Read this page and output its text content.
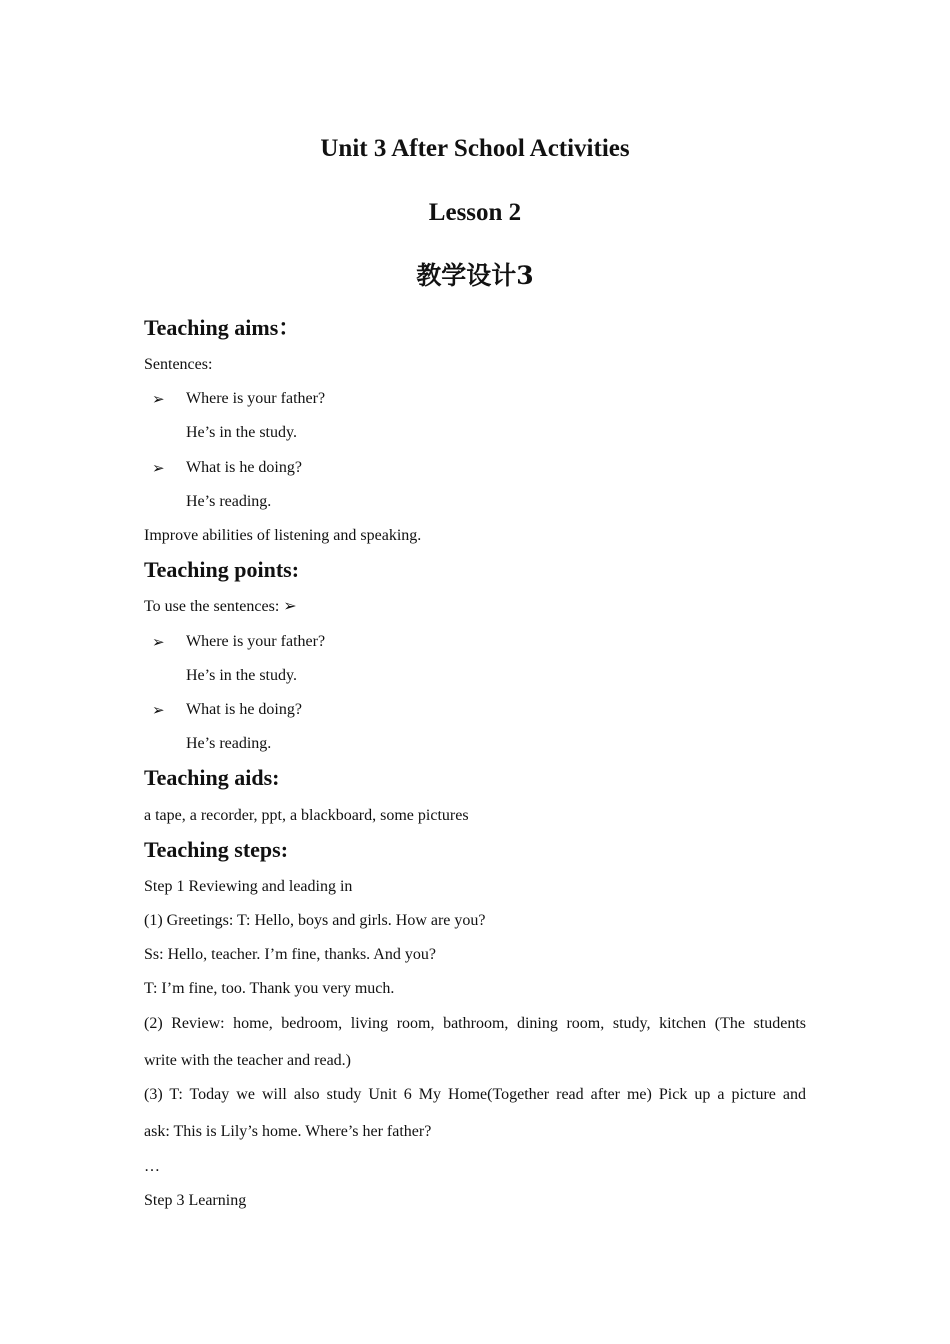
Unit 3 After School Activities
Lesson 2
教学设计3
Teaching aims：

Sentences:

➢ Where is your father?

He’s in the study.

➢ What is he doing?

He’s reading.

Improve abilities of listening and speaking.

Teaching points:

To use the sentences: ➢

➢ Where is your father?

He’s in the study.

➢ What is he doing?

He’s reading.

Teaching aids:

a tape, a recorder, ppt, a blackboard, some pictures

Teaching steps:

Step 1 Reviewing and leading in

(1) Greetings: T: Hello, boys and girls. How are you?

Ss: Hello, teacher. I’m fine, thanks. And you?

T: I’m fine, too. Thank you very much.

(2) Review: home, bedroom, living room, bathroom, dining room, study, kitchen (The students

write with the teacher and read.)

(3) T: Today we will also study Unit 6 My Home(Together read after me) Pick up a picture and

ask: This is Lily’s home. Where’s her father?

…

Step 3 Learning
